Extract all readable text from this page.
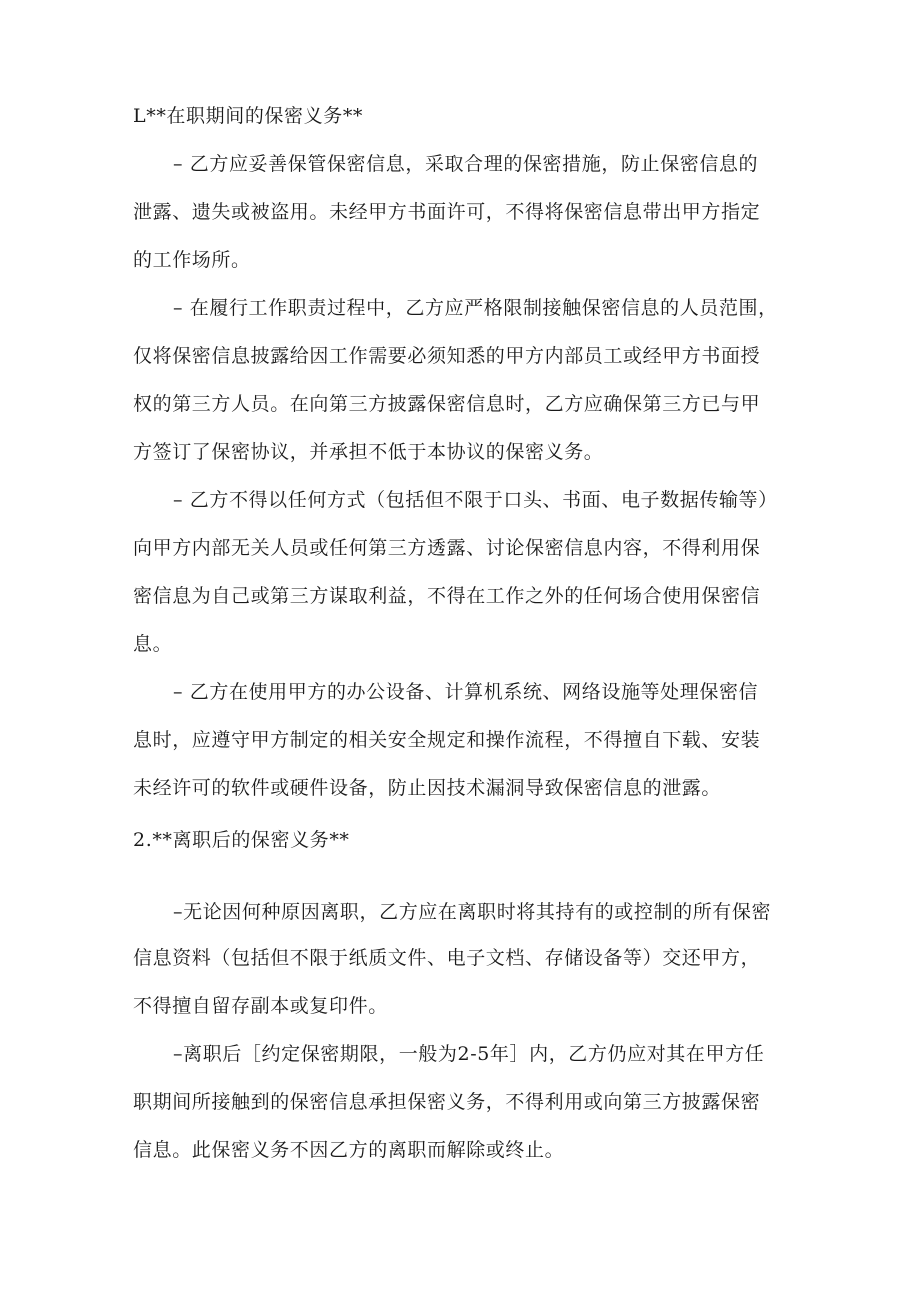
L**在职期间的保密义务**
– 乙方应妥善保管保密信息，采取合理的保密措施，防止保密信息的
泄露、遗失或被盗用。未经甲方书面许可，不得将保密信息带出甲方指定
的工作场所。
– 在履行工作职责过程中，乙方应严格限制接触保密信息的人员范围，
仅将保密信息披露给因工作需要必须知悉的甲方内部员工或经甲方书面授
权的第三方人员。在向第三方披露保密信息时，乙方应确保第三方已与甲
方签订了保密协议，并承担不低于本协议的保密义务。
– 乙方不得以任何方式（包括但不限于口头、书面、电子数据传输等）
向甲方内部无关人员或任何第三方透露、讨论保密信息内容，不得利用保
密信息为自己或第三方谋取利益，不得在工作之外的任何场合使用保密信
息。
– 乙方在使用甲方的办公设备、计算机系统、网络设施等处理保密信
息时，应遵守甲方制定的相关安全规定和操作流程，不得擅自下载、安装
未经许可的软件或硬件设备，防止因技术漏洞导致保密信息的泄露。
2.**离职后的保密义务**
–无论因何种原因离职，乙方应在离职时将其持有的或控制的所有保密
信息资料（包括但不限于纸质文件、电子文档、存储设备等）交还甲方，
不得擅自留存副本或复印件。
–离职后［约定保密期限，一般为2-5年］内，乙方仍应对其在甲方任
职期间所接触到的保密信息承担保密义务，不得利用或向第三方披露保密
信息。此保密义务不因乙方的离职而解除或终止。
